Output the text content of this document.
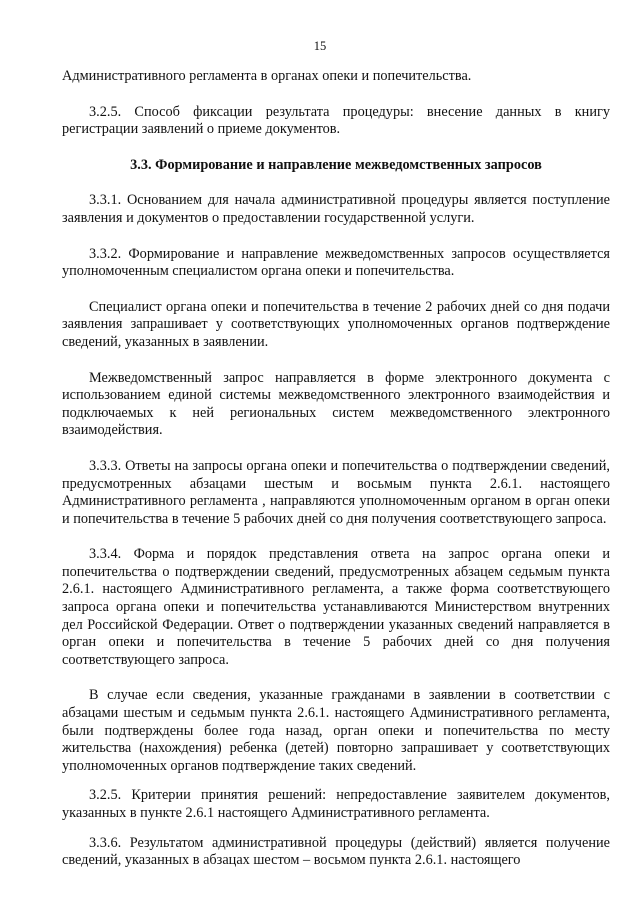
15

Административного регламента в органах опеки и попечительства.

3.2.5. Способ фиксации результата процедуры: внесение данных в книгу регистрации заявлений о приеме документов.

3.3. Формирование и направление межведомственных запросов

3.3.1. Основанием для начала административной процедуры является поступление заявления и документов о предоставлении государственной услуги.

3.3.2. Формирование и направление межведомственных запросов осуществляется уполномоченным специалистом органа опеки и попечительства.

Специалист органа опеки и попечительства в течение 2 рабочих дней со дня подачи заявления запрашивает у соответствующих уполномоченных органов подтверждение сведений, указанных в заявлении.

Межведомственный запрос направляется в форме электронного документа с использованием единой системы межведомственного электронного взаимодействия и подключаемых к ней региональных систем межведомственного электронного взаимодействия.

3.3.3. Ответы на запросы органа опеки и попечительства о подтверждении сведений, предусмотренных абзацами шестым и восьмым пункта 2.6.1. настоящего Административного регламента , направляются уполномоченным органом в орган опеки и попечительства в течение 5 рабочих дней со дня получения соответствующего запроса.

3.3.4. Форма и порядок представления ответа на запрос органа опеки и попечительства о подтверждении сведений, предусмотренных абзацем седьмым пункта 2.6.1. настоящего Административного регламента, а также форма соответствующего запроса органа опеки и попечительства устанавливаются Министерством внутренних дел Российской Федерации. Ответ о подтверждении указанных сведений направляется в орган опеки и попечительства в течение 5 рабочих дней со дня получения соответствующего запроса.

В случае если сведения, указанные гражданами в заявлении в соответствии с абзацами шестым и седьмым пункта 2.6.1. настоящего Административного регламента, были подтверждены более года назад, орган опеки и попечительства по месту жительства (нахождения) ребенка (детей) повторно запрашивает у соответствующих уполномоченных органов подтверждение таких сведений.

3.2.5. Критерии принятия решений: непредоставление заявителем документов, указанных в пункте 2.6.1 настоящего Административного регламента.

3.3.6. Результатом административной процедуры (действий) является получение сведений, указанных в абзацах шестом – восьмом пункта 2.6.1. настоящего
